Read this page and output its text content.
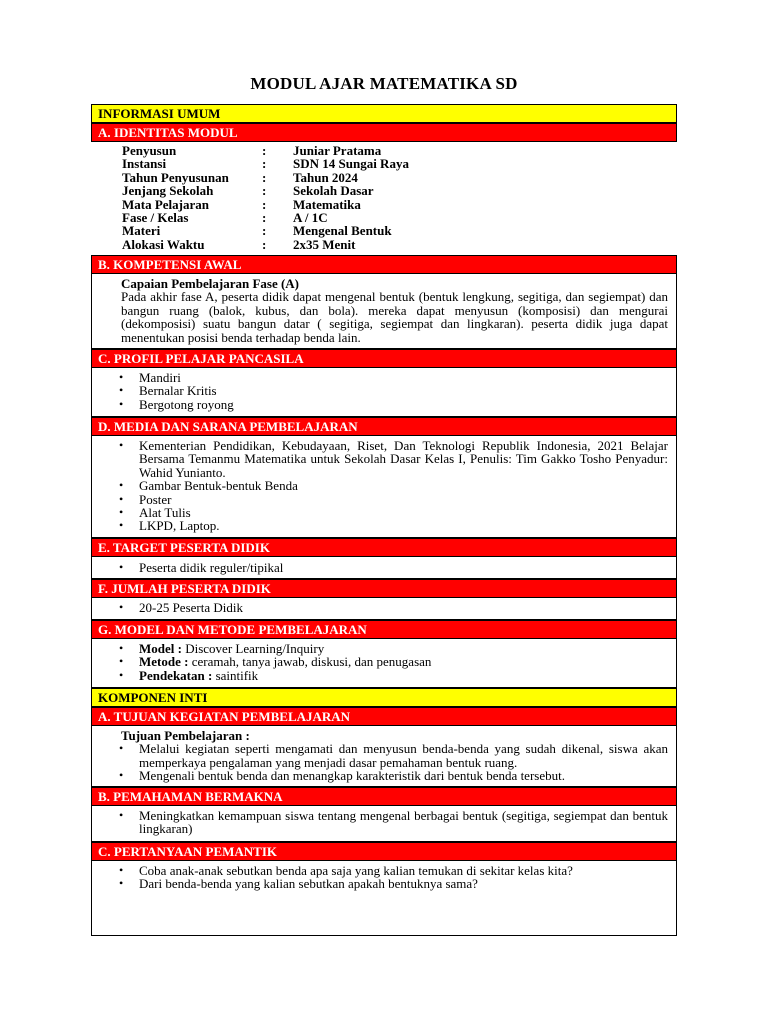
MODUL AJAR MATEMATIKA SD
INFORMASI UMUM
A. IDENTITAS MODUL
Penyusun	:	Juniar Pratama
Instansi	:	SDN 14 Sungai Raya
Tahun Penyusunan	:	Tahun 2024
Jenjang Sekolah	:	Sekolah Dasar
Mata Pelajaran	:	Matematika
Fase / Kelas	:	A / 1C
Materi	:	Mengenal Bentuk
Alokasi Waktu	:	2x35 Menit
B. KOMPETENSI AWAL
Capaian Pembelajaran Fase (A)
Pada akhir fase A, peserta didik dapat mengenal bentuk (bentuk lengkung, segitiga, dan segiempat) dan bangun ruang (balok, kubus, dan bola). mereka dapat menyusun (komposisi) dan mengurai (dekomposisi) suatu bangun datar ( segitiga, segiempat dan lingkaran). peserta didik juga dapat menentukan posisi benda terhadap benda lain.
C. PROFIL PELAJAR PANCASILA
• Mandiri
• Bernalar Kritis
• Bergotong royong
D. MEDIA DAN SARANA PEMBELAJARAN
• Kementerian Pendidikan, Kebudayaan, Riset, Dan Teknologi Republik Indonesia, 2021 Belajar Bersama Temanmu Matematika untuk Sekolah Dasar Kelas I, Penulis: Tim Gakko Tosho Penyadur: Wahid Yunianto.
• Gambar Bentuk-bentuk Benda
• Poster
• Alat Tulis
• LKPD, Laptop.
E. TARGET PESERTA DIDIK
• Peserta didik reguler/tipikal
F. JUMLAH PESERTA DIDIK
• 20-25 Peserta Didik
G. MODEL DAN METODE PEMBELAJARAN
• Model : Discover Learning/Inquiry
• Metode : ceramah, tanya jawab, diskusi, dan penugasan
• Pendekatan : saintifik
KOMPONEN INTI
A. TUJUAN KEGIATAN PEMBELAJARAN
Tujuan Pembelajaran :
• Melalui kegiatan seperti mengamati dan menyusun benda-benda yang sudah dikenal, siswa akan memperkaya pengalaman yang menjadi dasar pemahaman bentuk ruang.
• Mengenali bentuk benda dan menangkap karakteristik dari bentuk benda tersebut.
B. PEMAHAMAN BERMAKNA
• Meningkatkan kemampuan siswa tentang mengenal berbagai bentuk (segitiga, segiempat dan bentuk lingkaran)
C. PERTANYAAN PEMANTIK
• Coba anak-anak sebutkan benda apa saja yang kalian temukan di sekitar kelas kita?
• Dari benda-benda yang kalian sebutkan apakah bentuknya sama?
